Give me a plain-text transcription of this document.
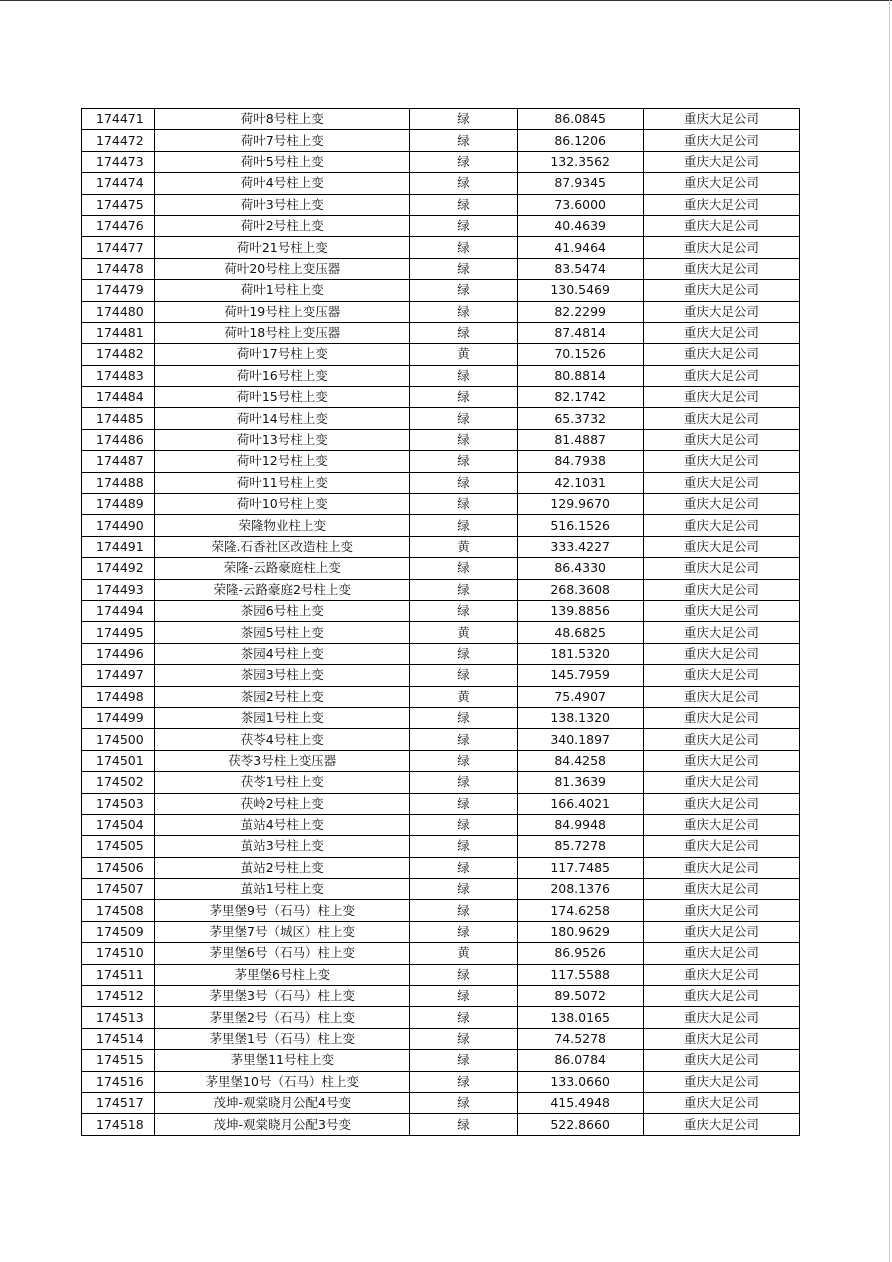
174471	荷叶8号柱上变	绿	86.0845	重庆大足公司
174472	荷叶7号柱上变	绿	86.1206	重庆大足公司
174473	荷叶5号柱上变	绿	132.3562	重庆大足公司
174474	荷叶4号柱上变	绿	87.9345	重庆大足公司
174475	荷叶3号柱上变	绿	73.6000	重庆大足公司
174476	荷叶2号柱上变	绿	40.4639	重庆大足公司
174477	荷叶21号柱上变	绿	41.9464	重庆大足公司
174478	荷叶20号柱上变压器	绿	83.5474	重庆大足公司
174479	荷叶1号柱上变	绿	130.5469	重庆大足公司
174480	荷叶19号柱上变压器	绿	82.2299	重庆大足公司
174481	荷叶18号柱上变压器	绿	87.4814	重庆大足公司
174482	荷叶17号柱上变	黄	70.1526	重庆大足公司
174483	荷叶16号柱上变	绿	80.8814	重庆大足公司
174484	荷叶15号柱上变	绿	82.1742	重庆大足公司
174485	荷叶14号柱上变	绿	65.3732	重庆大足公司
174486	荷叶13号柱上变	绿	81.4887	重庆大足公司
174487	荷叶12号柱上变	绿	84.7938	重庆大足公司
174488	荷叶11号柱上变	绿	42.1031	重庆大足公司
174489	荷叶10号柱上变	绿	129.9670	重庆大足公司
174490	荣隆物业柱上变	绿	516.1526	重庆大足公司
174491	荣隆.石香社区改造柱上变	黄	333.4227	重庆大足公司
174492	荣隆-云路豪庭柱上变	绿	86.4330	重庆大足公司
174493	荣隆-云路豪庭2号柱上变	绿	268.3608	重庆大足公司
174494	茶园6号柱上变	绿	139.8856	重庆大足公司
174495	茶园5号柱上变	黄	48.6825	重庆大足公司
174496	茶园4号柱上变	绿	181.5320	重庆大足公司
174497	茶园3号柱上变	绿	145.7959	重庆大足公司
174498	茶园2号柱上变	黄	75.4907	重庆大足公司
174499	茶园1号柱上变	绿	138.1320	重庆大足公司
174500	茯苓4号柱上变	绿	340.1897	重庆大足公司
174501	茯苓3号柱上变压器	绿	84.4258	重庆大足公司
174502	茯苓1号柱上变	绿	81.3639	重庆大足公司
174503	茯岭2号柱上变	绿	166.4021	重庆大足公司
174504	茧站4号柱上变	绿	84.9948	重庆大足公司
174505	茧站3号柱上变	绿	85.7278	重庆大足公司
174506	茧站2号柱上变	绿	117.7485	重庆大足公司
174507	茧站1号柱上变	绿	208.1376	重庆大足公司
174508	茅里堡9号（石马）柱上变	绿	174.6258	重庆大足公司
174509	茅里堡7号（城区）柱上变	绿	180.9629	重庆大足公司
174510	茅里堡6号（石马）柱上变	黄	86.9526	重庆大足公司
174511	茅里堡6号柱上变	绿	117.5588	重庆大足公司
174512	茅里堡3号（石马）柱上变	绿	89.5072	重庆大足公司
174513	茅里堡2号（石马）柱上变	绿	138.0165	重庆大足公司
174514	茅里堡1号（石马）柱上变	绿	74.5278	重庆大足公司
174515	茅里堡11号柱上变	绿	86.0784	重庆大足公司
174516	茅里堡10号（石马）柱上变	绿	133.0660	重庆大足公司
174517	茂坤-观棠晓月公配4号变	绿	415.4948	重庆大足公司
174518	茂坤-观棠晓月公配3号变	绿	522.8660	重庆大足公司
